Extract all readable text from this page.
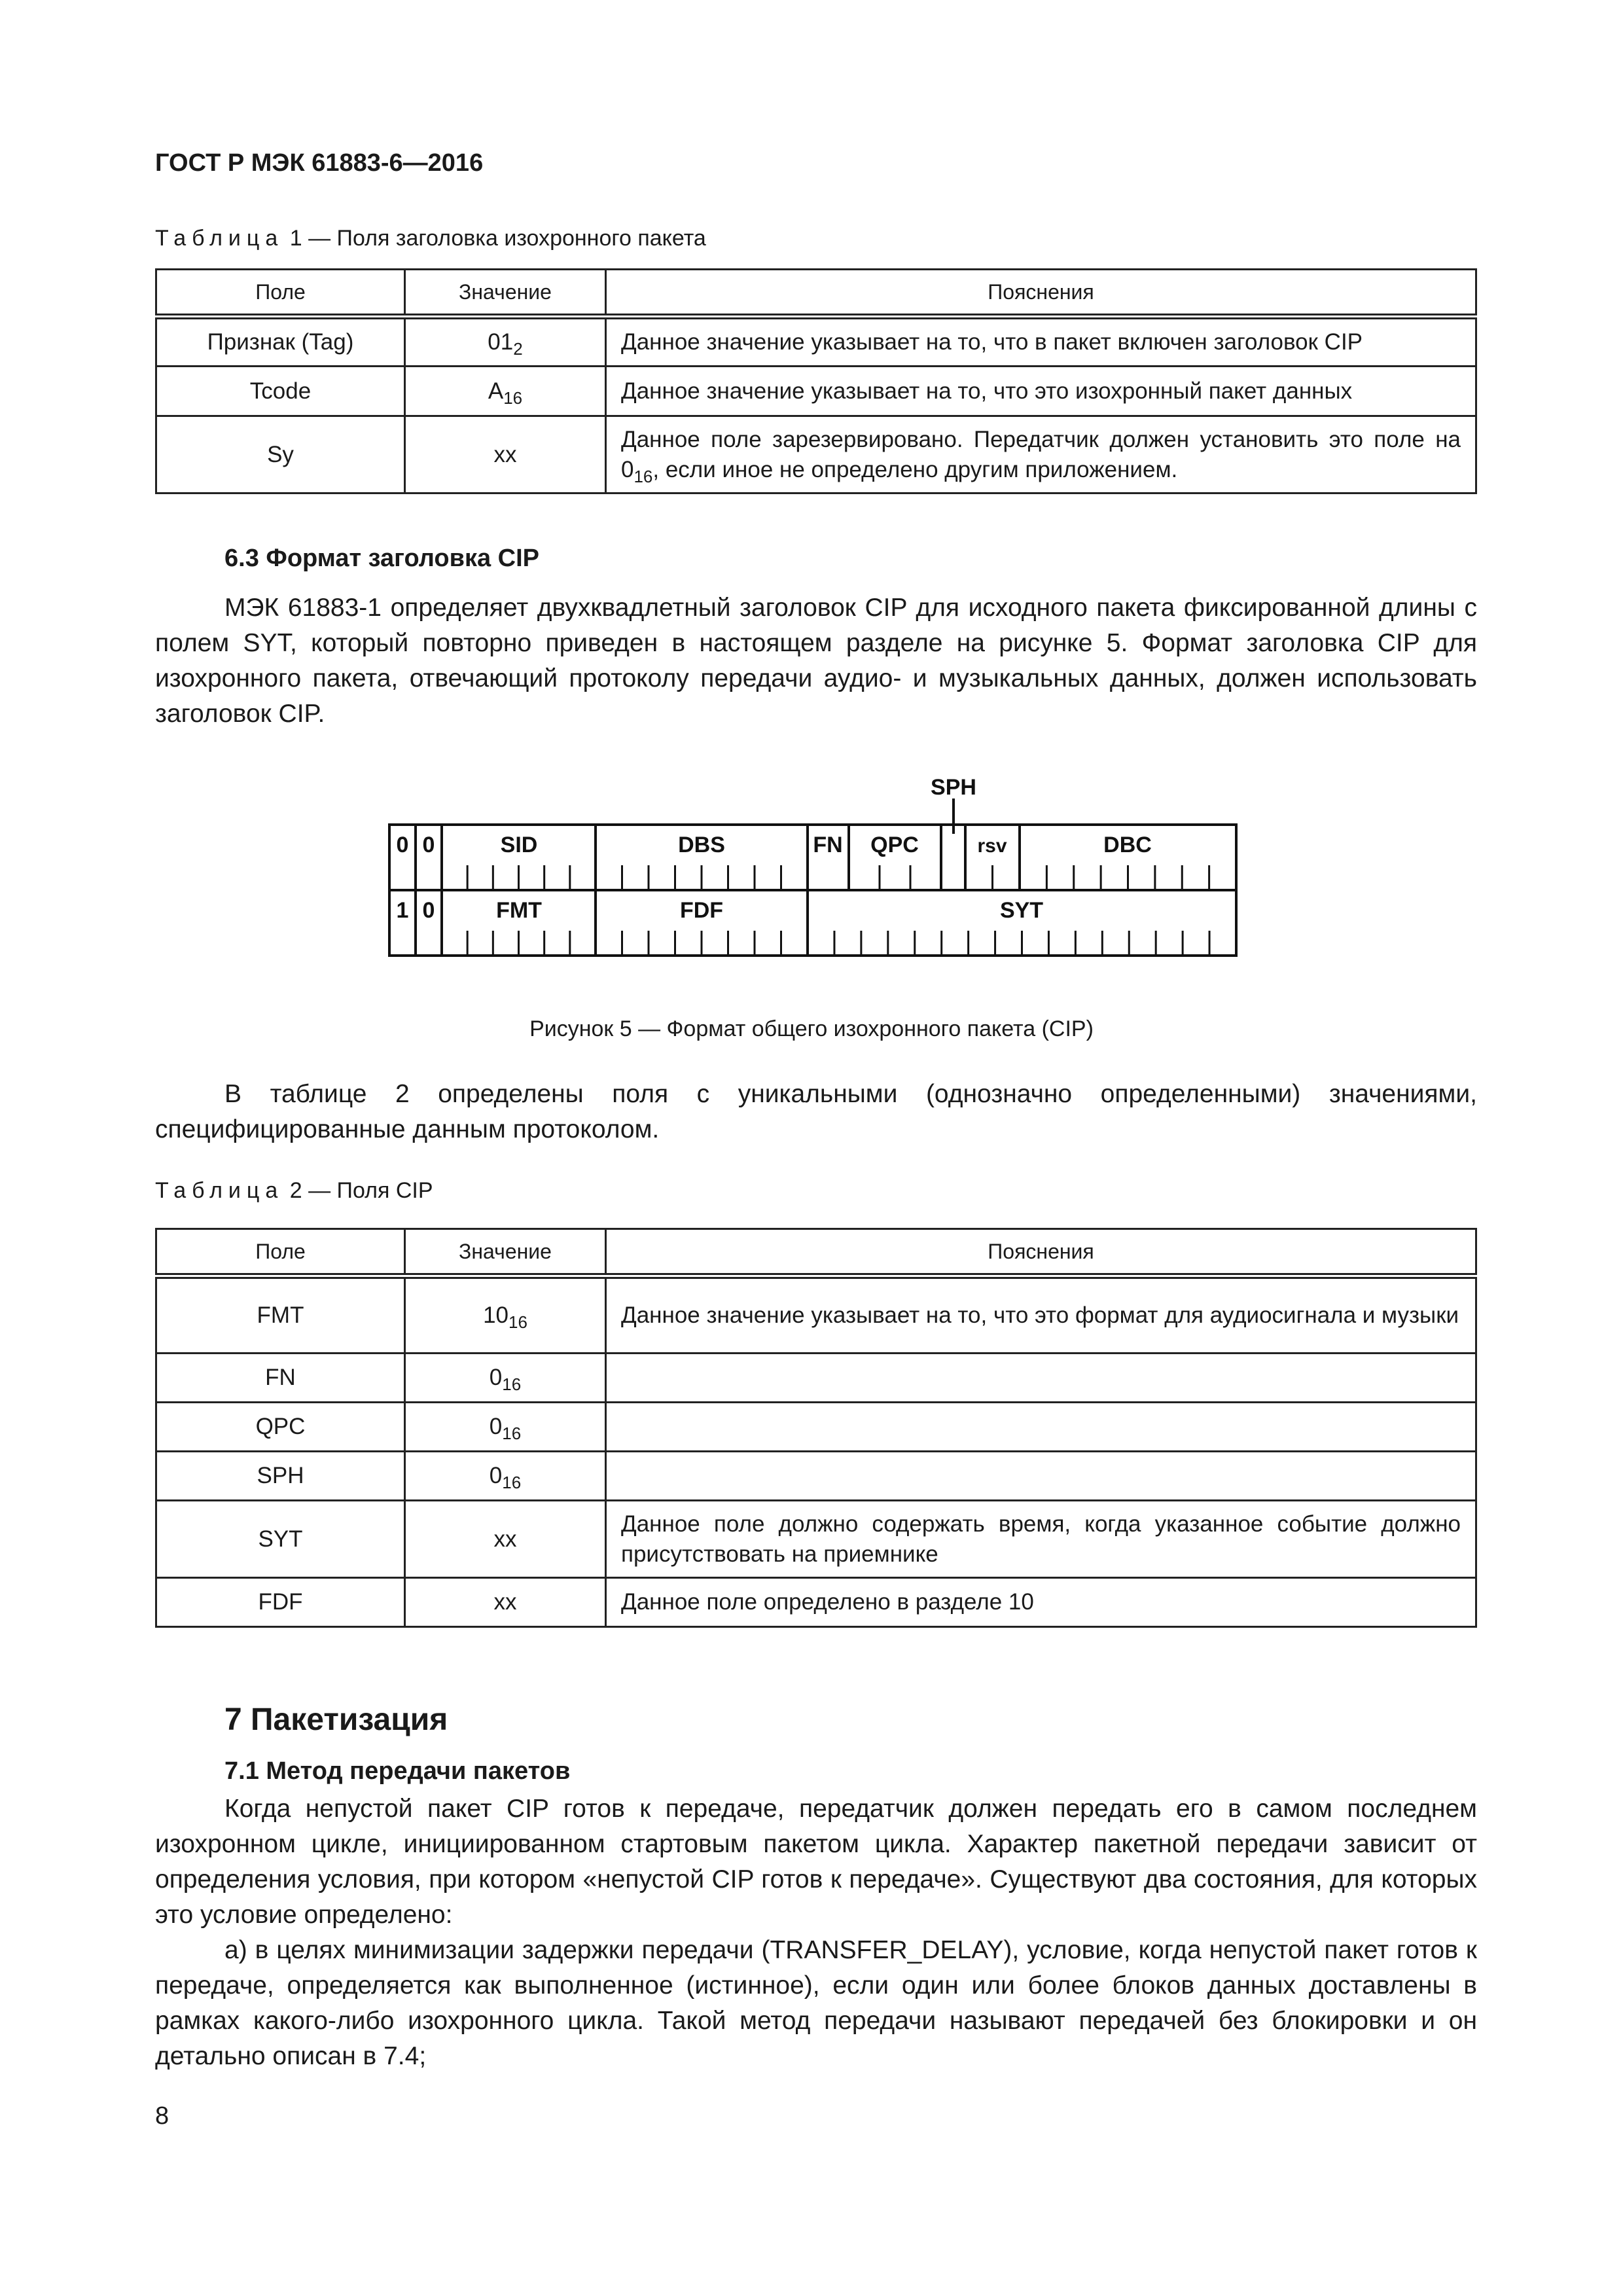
ГОСТ Р МЭК 61883-6—2016
Таблица 1 — Поля заголовка изохронного пакета
Поле	Значение	Пояснения
Признак (Tag)	$01_2$	Данное значение указывает на то, что в пакет включен заголовок CIP
Tcode	$A_{16}$	Данное значение указывает на то, что это изохронный пакет данных
Sy	xx	Данное поле зарезервировано. Передатчик должен установить это поле на $0_{16}$, если иное не определено другим приложением.
6.3 Формат заголовка CIP
МЭК 61883-1 определяет двухквадлетный заголовок CIP для исходного пакета фиксированной длины с полем SYT, который повторно приведен в настоящем разделе на рисунке 5. Формат заголовка CIP для изохронного пакета, отвечающий протоколу передачи аудио- и музыкальных данных, должен использовать заголовок CIP.
SPH
0 0	SID	DBS	FN QPC	rsv	DBC
1 0	FMT	FDF	SYT
Рисунок 5 — Формат общего изохронного пакета (CIP)
В таблице 2 определены поля с уникальными (однозначно определенными) значениями, специфицированные данным протоколом.
Таблица 2 — Поля CIP
Поле	Значение	Пояснения
FMT	$10_{16}$	Данное значение указывает на то, что это формат для аудиосигнала и музыки
FN	$0_{16}$	
QPC	$0_{16}$	
SPH	$0_{16}$	
SYT	xx	Данное поле должно содержать время, когда указанное событие должно присутствовать на приемнике
FDF	xx	Данное поле определено в разделе 10
7 Пакетизация
7.1 Метод передачи пакетов
Когда непустой пакет CIP готов к передаче, передатчик должен передать его в самом последнем изохронном цикле, инициированном стартовым пакетом цикла. Характер пакетной передачи зависит от определения условия, при котором «непустой CIP готов к передаче». Существуют два состояния, для которых это условие определено:
а) в целях минимизации задержки передачи (TRANSFER_DELAY), условие, когда непустой пакет готов к передаче, определяется как выполненное (истинное), если один или более блоков данных доставлены в рамках какого-либо изохронного цикла. Такой метод передачи называют передачей без блокировки и он детально описан в 7.4;
8
